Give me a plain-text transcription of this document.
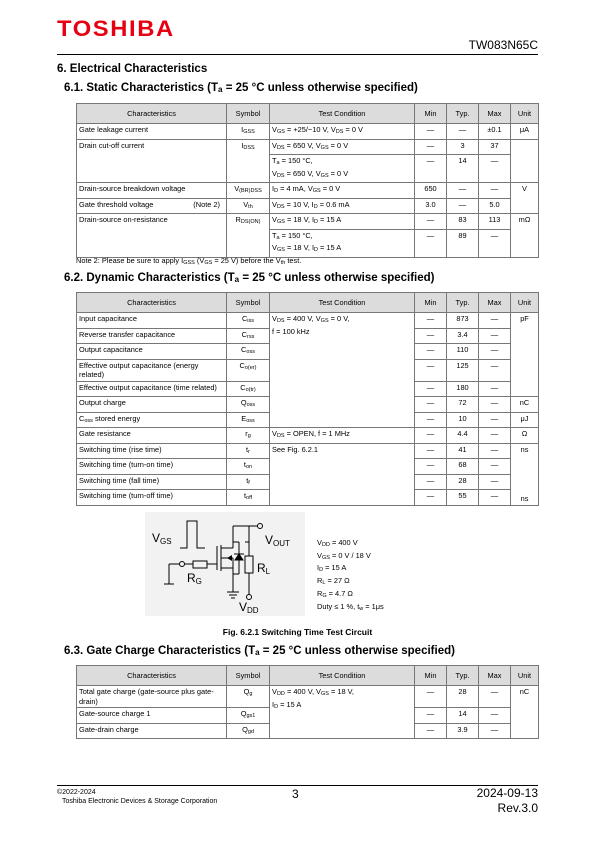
TOSHIBA
TW083N65C
6. Electrical Characteristics
6.1. Static Characteristics ($T_a = 25$ °C unless otherwise specified)
Characteristics	Symbol	Test Condition	Min	Typ.	Max	Unit
Gate leakage current	$I_{GSS}$	$V_{GS} = +25/-10$ V, $V_{DS} = 0$ V	—	—	±0.1	μA
Drain cut-off current	$I_{DSS}$	$V_{DS} = 650$ V, $V_{GS} = 0$ V	—	3	37	
		$T_a = 150$ °C,
$V_{DS} = 650$ V, $V_{GS} = 0$ V	—	14	—	
Drain-source breakdown voltage	$V_{(BR)DSS}$	$I_D = 4$ mA, $V_{GS} = 0$ V	650	—	—	V
Gate threshold voltage (Note 2)	$V_{th}$	$V_{DS} = 10$ V, $I_D = 0.6$ mA	3.0	—	5.0	
Drain-source on-resistance	$R_{DS(ON)}$	$V_{GS} = 18$ V, $I_D = 15$ A	—	83	113	mΩ
		$T_a = 150$ °C,
$V_{GS} = 18$ V, $I_D = 15$ A	—	89	—	
Note 2: Please be sure to apply $I_{GSS}$ ($V_{GS} = 25$ V) before the $V_{th}$ test.
6.2. Dynamic Characteristics ($T_a = 25$ °C unless otherwise specified)
Characteristics	Symbol	Test Condition	Min	Typ.	Max	Unit
Input capacitance	$C_{iss}$	$V_{DS} = 400$ V, $V_{GS} = 0$ V,
f = 100 kHz	—	873	—	pF
Reverse transfer capacitance	$C_{rss}$		—	3.4	—	
Output capacitance	$C_{oss}$		—	110	—	
Effective output capacitance (energy related)	$C_{o(er)}$		—	125	—	
Effective output capacitance (time related)	$C_{o(tr)}$		—	180	—	
Output charge	$Q_{oss}$		—	72	—	nC
$C_{oss}$ stored energy	$E_{oss}$		—	10	—	μJ
Gate resistance	$r_g$	$V_{DS}$ = OPEN, f = 1 MHz	—	4.4	—	Ω
Switching time (rise time)	$t_r$	See Fig. 6.2.1	—	41	—	ns
ns

Switching time (turn-on time)	$t_{on}$		—	68	—	
Switching time (fall time)	$t_f$		—	28	—	
Switching time (turn-off time)	$t_{off}$		—	55	—	
VGS	VOUT
RG
RL
VDD
$V_{DD} = 400$ V
$V_{GS} = 0$ V / 18 V
$I_D = 15$ A
$R_L = 27$ Ω
$R_G = 4.7$ Ω
Duty ≤ 1 %, $t_w = 1\mu s$
Fig. 6.2.1 Switching Time Test Circuit
6.3. Gate Charge Characteristics ($T_a = 25$ °C unless otherwise specified)
Characteristics	Symbol	Test Condition	Min	Typ.	Max	Unit
Total gate charge (gate-source plus gate-drain)	$Q_g$	$V_{DD} = 400$ V, $V_{GS} = 18$ V,
$I_D = 15$ A	—	28	—	nC
Gate-source charge 1	$Q_{gs1}$		—	14	—	
Gate-drain charge	$Q_{gd}$		—	3.9	—	
©2022-2024
Toshiba Electronic Devices & Storage Corporation
3	2024-09-13
Rev.3.0
